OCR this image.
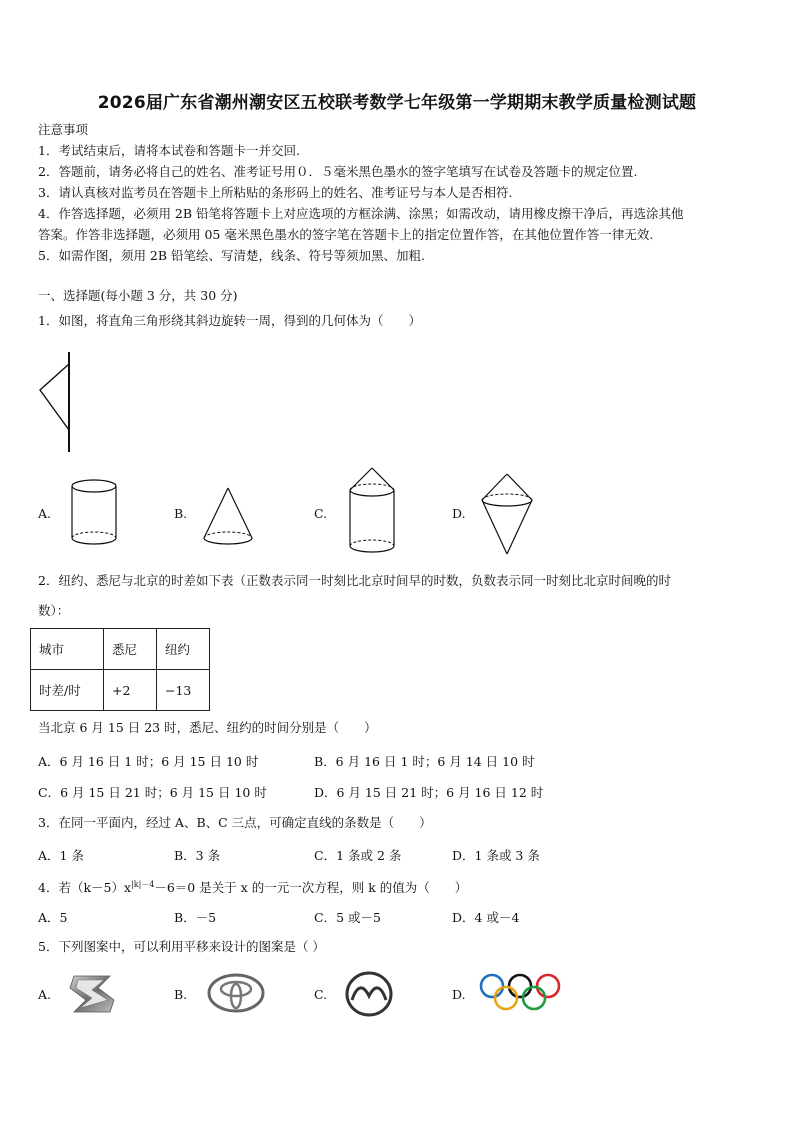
2026届广东省潮州潮安区五校联考数学七年级第一学期期末教学质量检测试题
注意事项
1．考试结束后，请将本试卷和答题卡一并交回.
2．答题前，请务必将自己的姓名、准考证号用０．５毫米黑色墨水的签字笔填写在试卷及答题卡的规定位置.
3．请认真核对监考员在答题卡上所粘贴的条形码上的姓名、准考证号与本人是否相符.
4．作答选择题，必须用 2B 铅笔将答题卡上对应选项的方框涂满、涂黑；如需改动，请用橡皮擦干净后，再选涂其他
答案。作答非选择题，必须用 05 毫米黑色墨水的签字笔在答题卡上的指定位置作答，在其他位置作答一律无效.
5．如需作图，须用 2B 铅笔绘、写清楚，线条、符号等须加黑、加粗.
一、选择题(每小题 3 分，共 30 分)
1．如图，将直角三角形绕其斜边旋转一周，得到的几何体为（　　）
A.	B.	C.	D.
2．纽约、悉尼与北京的时差如下表（正数表示同一时刻比北京时间早的时数，负数表示同一时刻比北京时间晚的时
数）：
城市	悉尼	纽约
时差/时	+2	−13
当北京 6 月 15 日 23 时，悉尼、纽约的时间分别是（　　）
A．6 月 16 日 1 时；6 月 15 日 10 时	B．6 月 16 日 1 时；6 月 14 日 10 时
C．6 月 15 日 21 时；6 月 15 日 10 时	D．6 月 15 日 21 时；6 月 16 日 12 时
3．在同一平面内，经过 A、B、C 三点，可确定直线的条数是（　　）
A．1 条	B．3 条	C．1 条或 2 条	D．1 条或 3 条
4．若$(k-5)x^{|k|-4}-6=0$ 是关于 x 的一元一次方程，则 k 的值为（　　）
A．5	B．－5	C．5 或－5	D．4 或－4
5．下列图案中，可以利用平移来设计的图案是（ ）
A.	B.	C.	D.
